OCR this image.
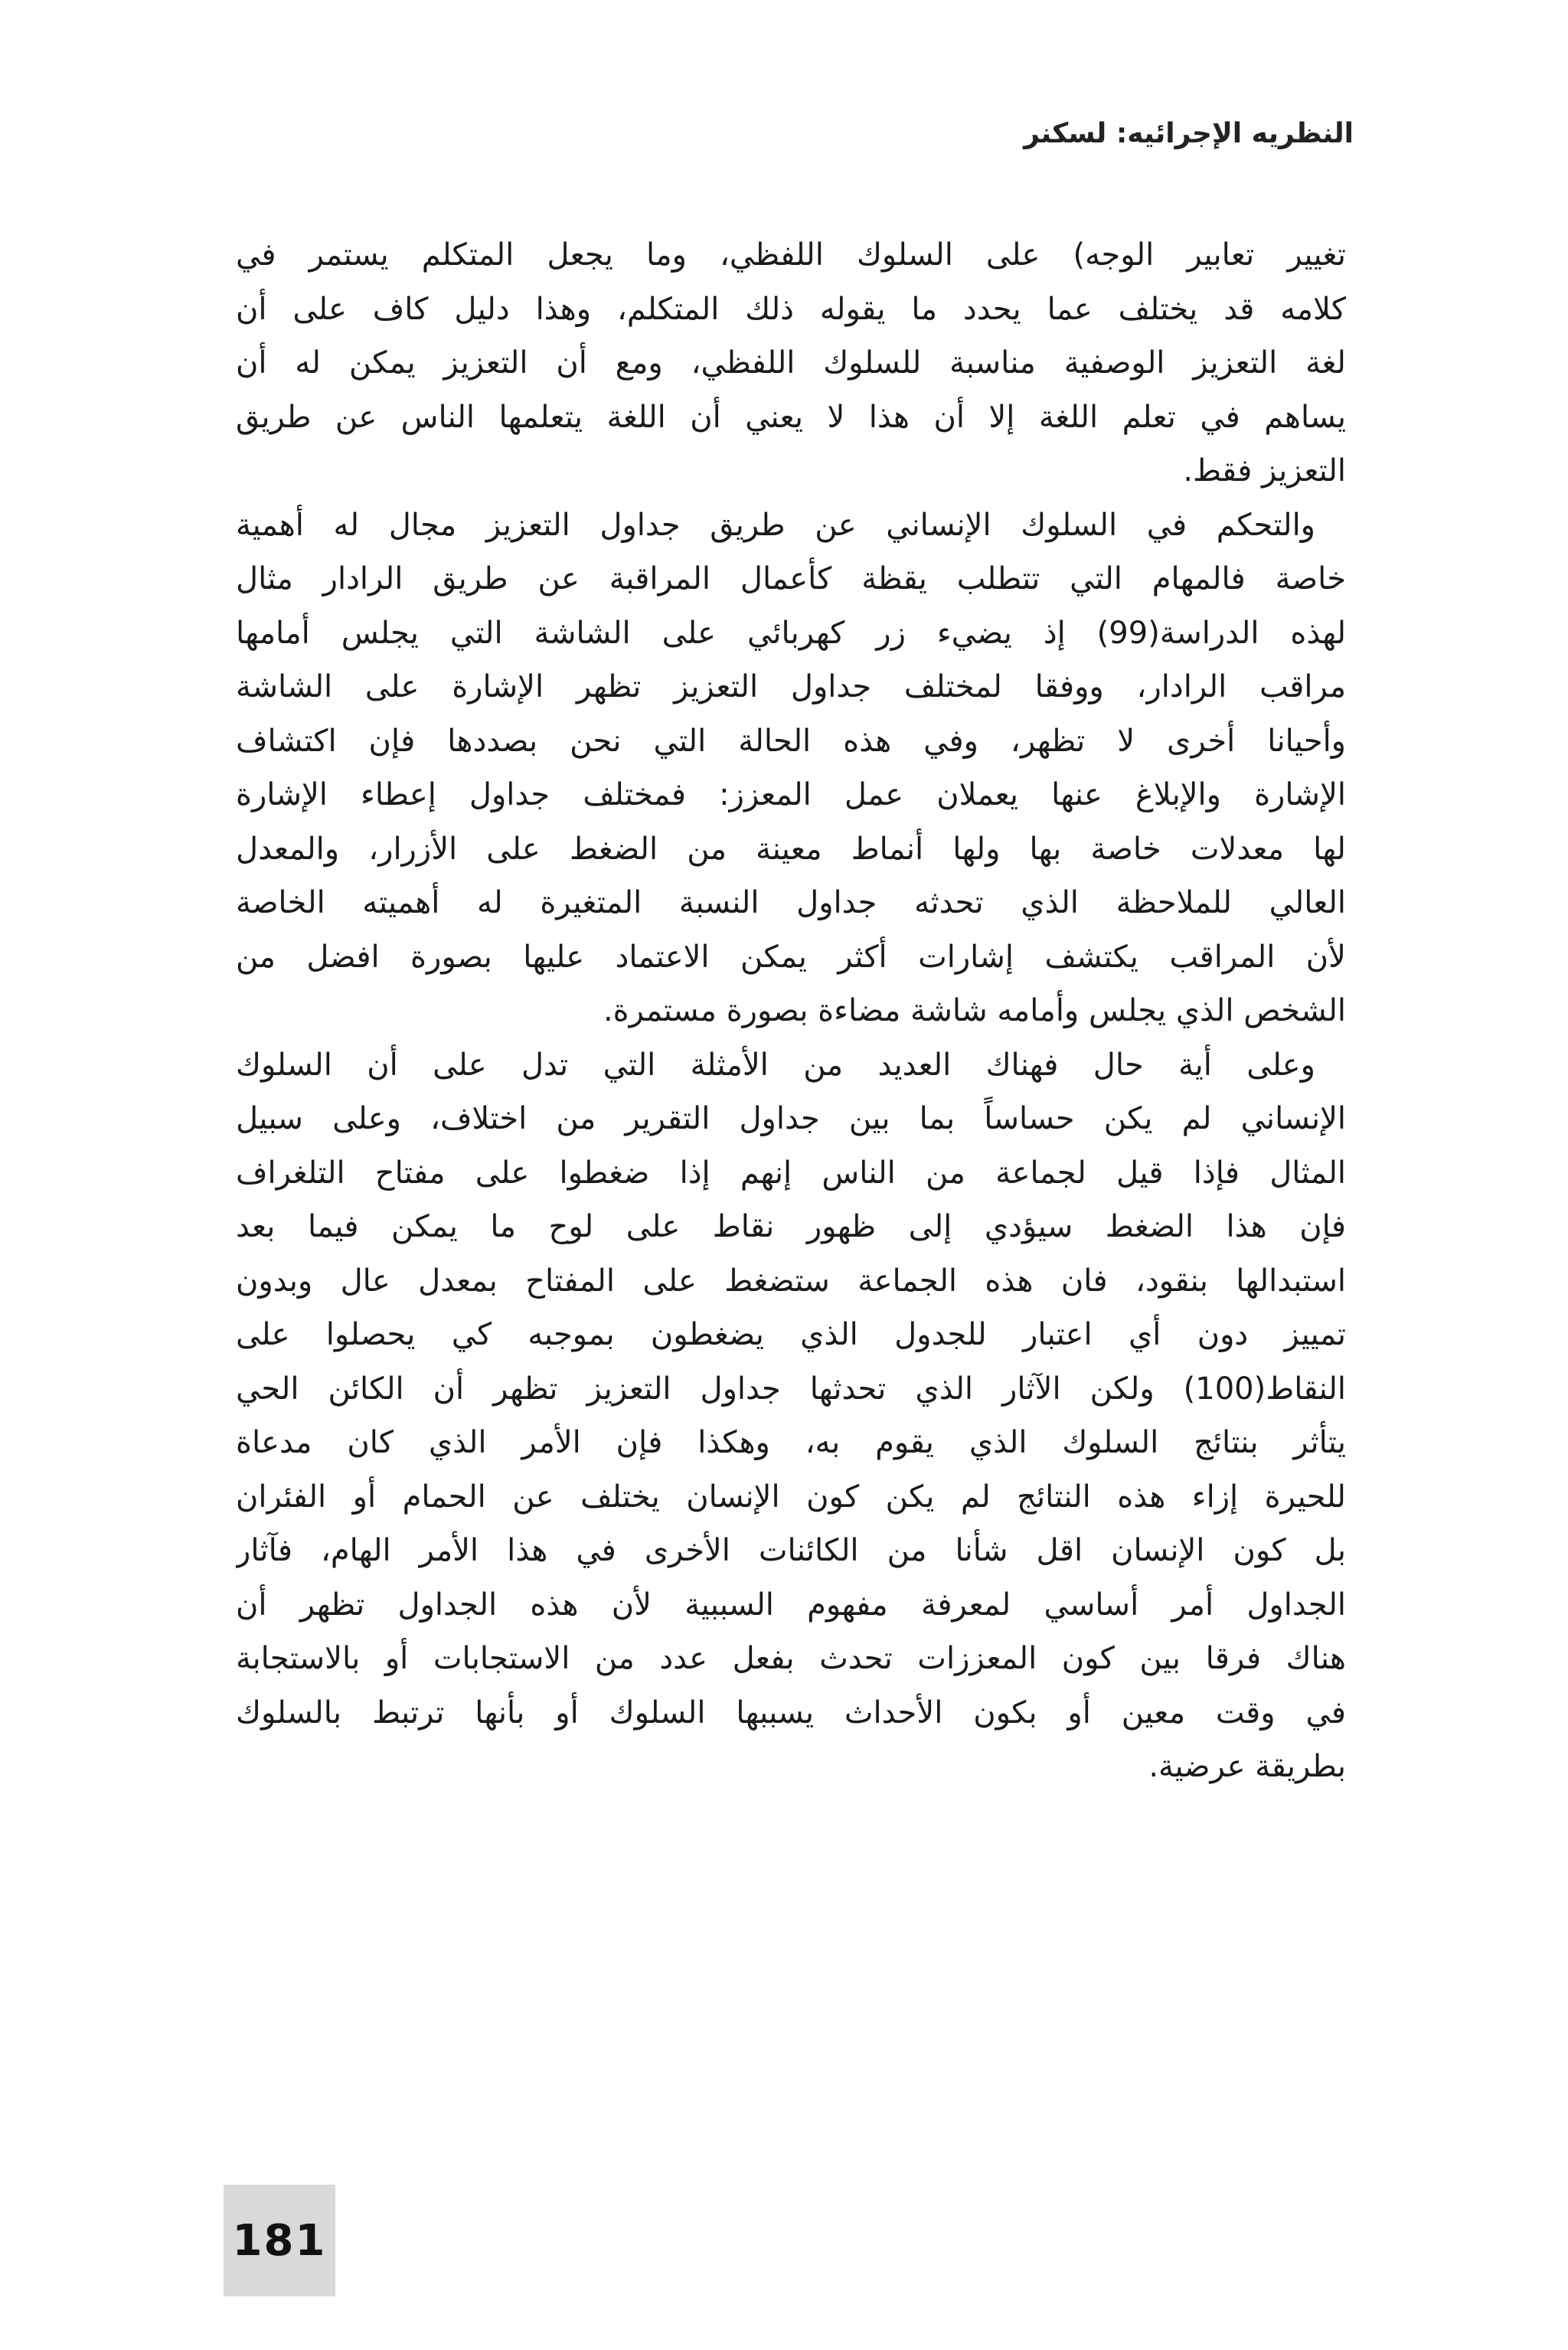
النظريه الإجرائيه: لسكنر
تغيير تعابير الوجه) على السلوك اللفظي، وما يجعل المتكلم يستمر في
كلامه قد يختلف عما يحدد ما يقوله ذلك المتكلم، وهذا دليل كاف على أن
لغة التعزيز الوصفية مناسبة للسلوك اللفظي، ومع أن التعزيز يمكن له أن
يساهم في تعلم اللغة إلا أن هذا لا يعني أن اللغة يتعلمها الناس عن طريق
التعزيز فقط.
والتحكم في السلوك الإنساني عن طريق جداول التعزيز مجال له أهمية
خاصة فالمهام التي تتطلب يقظة كأعمال المراقبة عن طريق الرادار مثال
لهذه الدراسة(99) إذ يضيء زر كهربائي على الشاشة التي يجلس أمامها
مراقب الرادار، ووفقا لمختلف جداول التعزيز تظهر الإشارة على الشاشة
وأحيانا أخرى لا تظهر، وفي هذه الحالة التي نحن بصددها فإن اكتشاف
الإشارة والإبلاغ عنها يعملان عمل المعزز: فمختلف جداول إعطاء الإشارة
لها معدلات خاصة بها ولها أنماط معينة من الضغط على الأزرار، والمعدل
العالي للملاحظة الذي تحدثه جداول النسبة المتغيرة له أهميته الخاصة
لأن المراقب يكتشف إشارات أكثر يمكن الاعتماد عليها بصورة افضل من
الشخص الذي يجلس وأمامه شاشة مضاءة بصورة مستمرة.
وعلى أية حال فهناك العديد من الأمثلة التي تدل على أن السلوك
الإنساني لم يكن حساساً بما بين جداول التقرير من اختلاف، وعلى سبيل
المثال فإذا قيل لجماعة من الناس إنهم إذا ضغطوا على مفتاح التلغراف
فإن هذا الضغط سيؤدي إلى ظهور نقاط على لوح ما يمكن فيما بعد
استبدالها بنقود، فان هذه الجماعة ستضغط على المفتاح بمعدل عال وبدون
تمييز دون أي اعتبار للجدول الذي يضغطون بموجبه كي يحصلوا على
النقاط(100) ولكن الآثار الذي تحدثها جداول التعزيز تظهر أن الكائن الحي
يتأثر بنتائج السلوك الذي يقوم به، وهكذا فإن الأمر الذي كان مدعاة
للحيرة إزاء هذه النتائج لم يكن كون الإنسان يختلف عن الحمام أو الفئران
بل كون الإنسان اقل شأنا من الكائنات الأخرى في هذا الأمر الهام، فآثار
الجداول أمر أساسي لمعرفة مفهوم السببية لأن هذه الجداول تظهر أن
هناك فرقا بين كون المعززات تحدث بفعل عدد من الاستجابات أو بالاستجابة
في وقت معين أو بكون الأحداث يسببها السلوك أو بأنها ترتبط بالسلوك
بطريقة عرضية.
181
